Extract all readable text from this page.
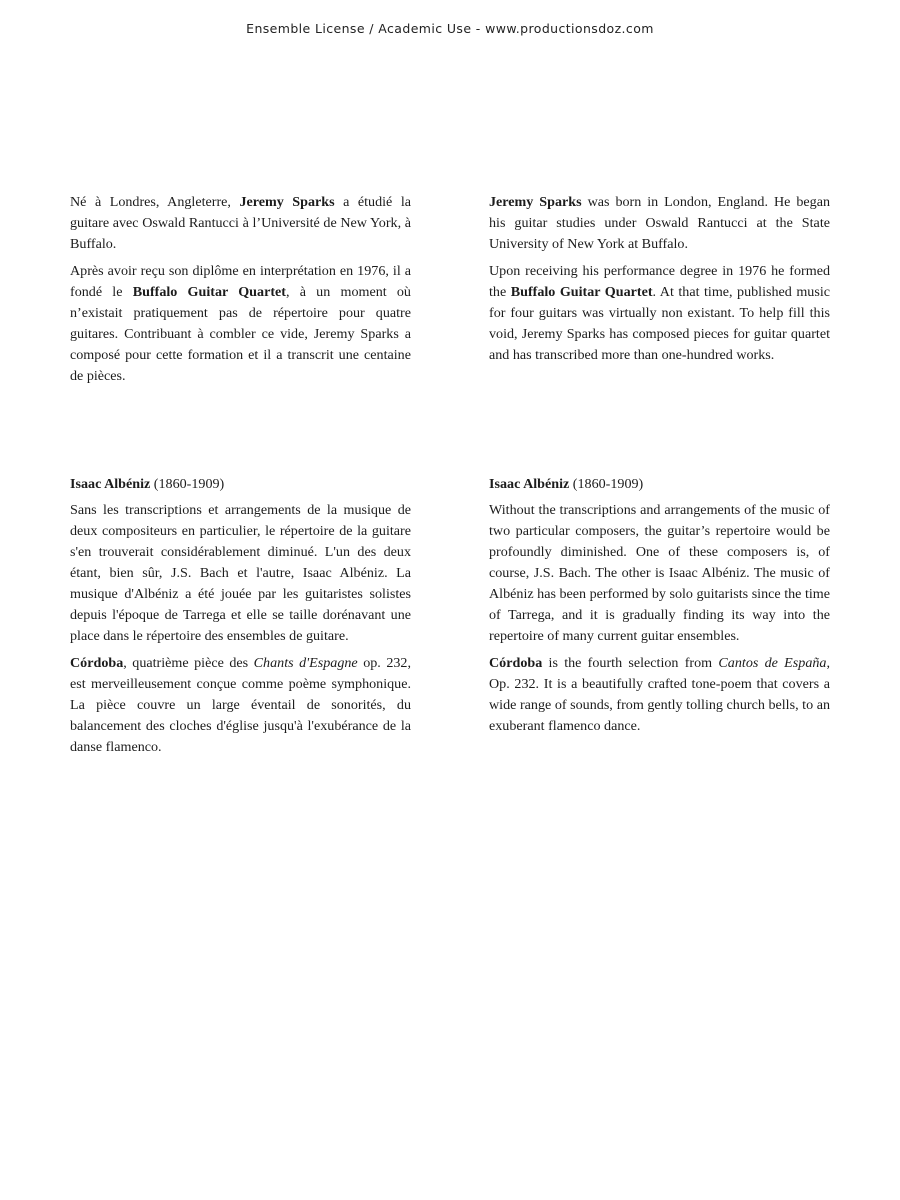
Ensemble License / Academic Use - www.productionsdoz.com

Né à Londres, Angleterre, Jeremy Sparks a étudié la guitare avec Oswald Rantucci à l’Université de New York, à Buffalo.

Après avoir reçu son diplôme en interprétation en 1976, il a fondé le Buffalo Guitar Quartet, à un moment où n’existait pratiquement pas de répertoire pour quatre guitares. Contribuant à combler ce vide, Jeremy Sparks a composé pour cette formation et il a transcrit une centaine de pièces.

Jeremy Sparks was born in London, England. He began his guitar studies under Oswald Rantucci at the State University of New York at Buffalo.

Upon receiving his performance degree in 1976 he formed the Buffalo Guitar Quartet. At that time, published music for four guitars was virtually non existant. To help fill this void, Jeremy Sparks has composed pieces for guitar quartet and has transcribed more than one-hundred works.

Isaac Albéniz (1860-1909)

Sans les transcriptions et arrangements de la musique de deux compositeurs en particulier, le répertoire de la guitare s'en trouverait considérablement diminué. L'un des deux étant, bien sûr, J.S. Bach et l'autre, Isaac Albéniz. La musique d'Albéniz a été jouée par les guitaristes solistes depuis l'époque de Tarrega et elle se taille dorénavant une place dans le répertoire des ensembles de guitare.

Córdoba, quatrième pièce des Chants d'Espagne op. 232, est merveilleusement conçue comme poème symphonique. La pièce couvre un large éventail de sonorités, du balancement des cloches d'église jusqu'à l'exubérance de la danse flamenco.

Isaac Albéniz (1860-1909)

Without the transcriptions and arrangements of the music of two particular composers, the guitar’s repertoire would be profoundly diminished. One of these composers is, of course, J.S. Bach. The other is Isaac Albéniz. The music of Albéniz has been performed by solo guitarists since the time of Tarrega, and it is gradually finding its way into the repertoire of many current guitar ensembles.

Córdoba is the fourth selection from Cantos de España, Op. 232. It is a beautifully crafted tone-poem that covers a wide range of sounds, from gently tolling church bells, to an exuberant flamenco dance.
